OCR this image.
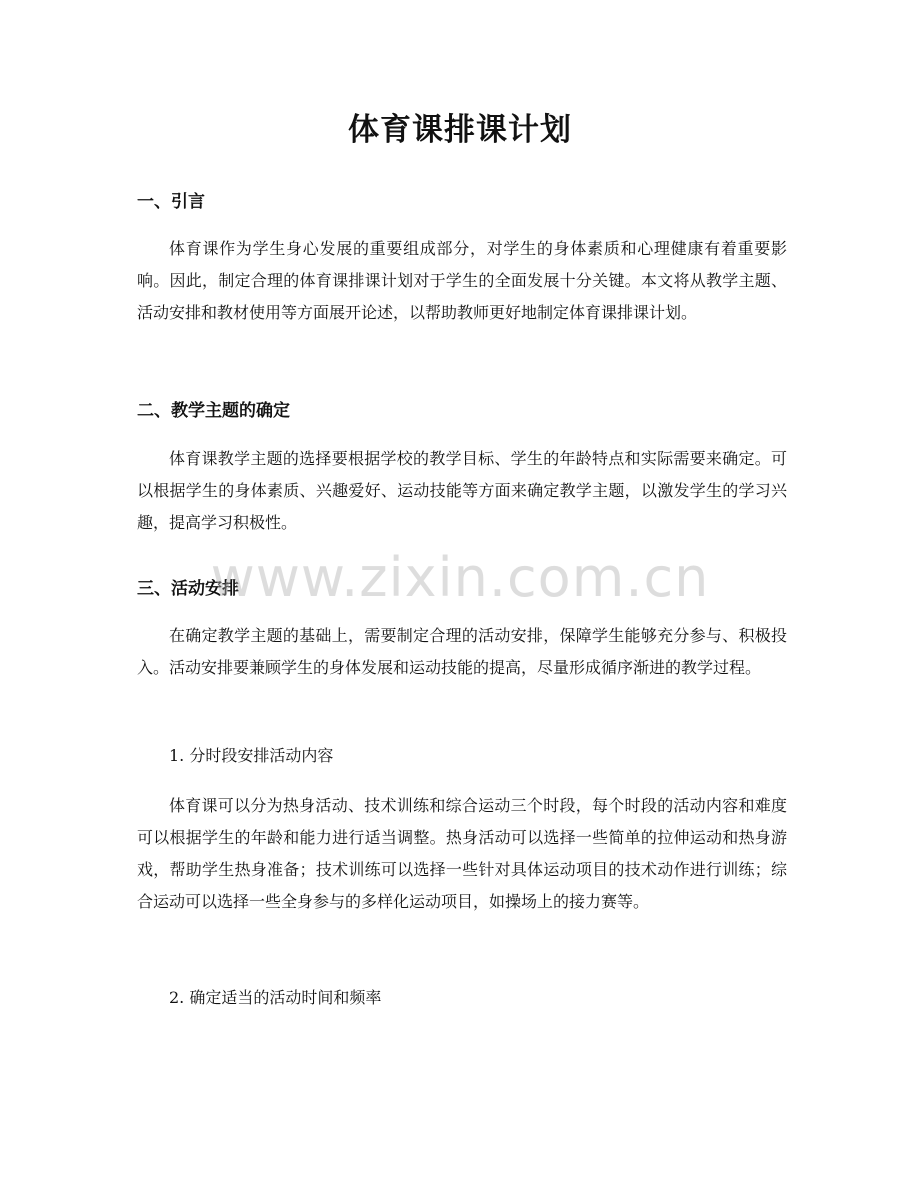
体育课排课计划
一、引言
体育课作为学生身心发展的重要组成部分，对学生的身体素质和心理健康有着重要影响。因此，制定合理的体育课排课计划对于学生的全面发展十分关键。本文将从教学主题、活动安排和教材使用等方面展开论述，以帮助教师更好地制定体育课排课计划。
二、教学主题的确定
体育课教学主题的选择要根据学校的教学目标、学生的年龄特点和实际需要来确定。可以根据学生的身体素质、兴趣爱好、运动技能等方面来确定教学主题，以激发学生的学习兴趣，提高学习积极性。
三、活动安排
在确定教学主题的基础上，需要制定合理的活动安排，保障学生能够充分参与、积极投入。活动安排要兼顾学生的身体发展和运动技能的提高，尽量形成循序渐进的教学过程。
1. 分时段安排活动内容
体育课可以分为热身活动、技术训练和综合运动三个时段，每个时段的活动内容和难度可以根据学生的年龄和能力进行适当调整。热身活动可以选择一些简单的拉伸运动和热身游戏，帮助学生热身准备；技术训练可以选择一些针对具体运动项目的技术动作进行训练；综合运动可以选择一些全身参与的多样化运动项目，如操场上的接力赛等。
2. 确定适当的活动时间和频率
www.zixin.com.cn
